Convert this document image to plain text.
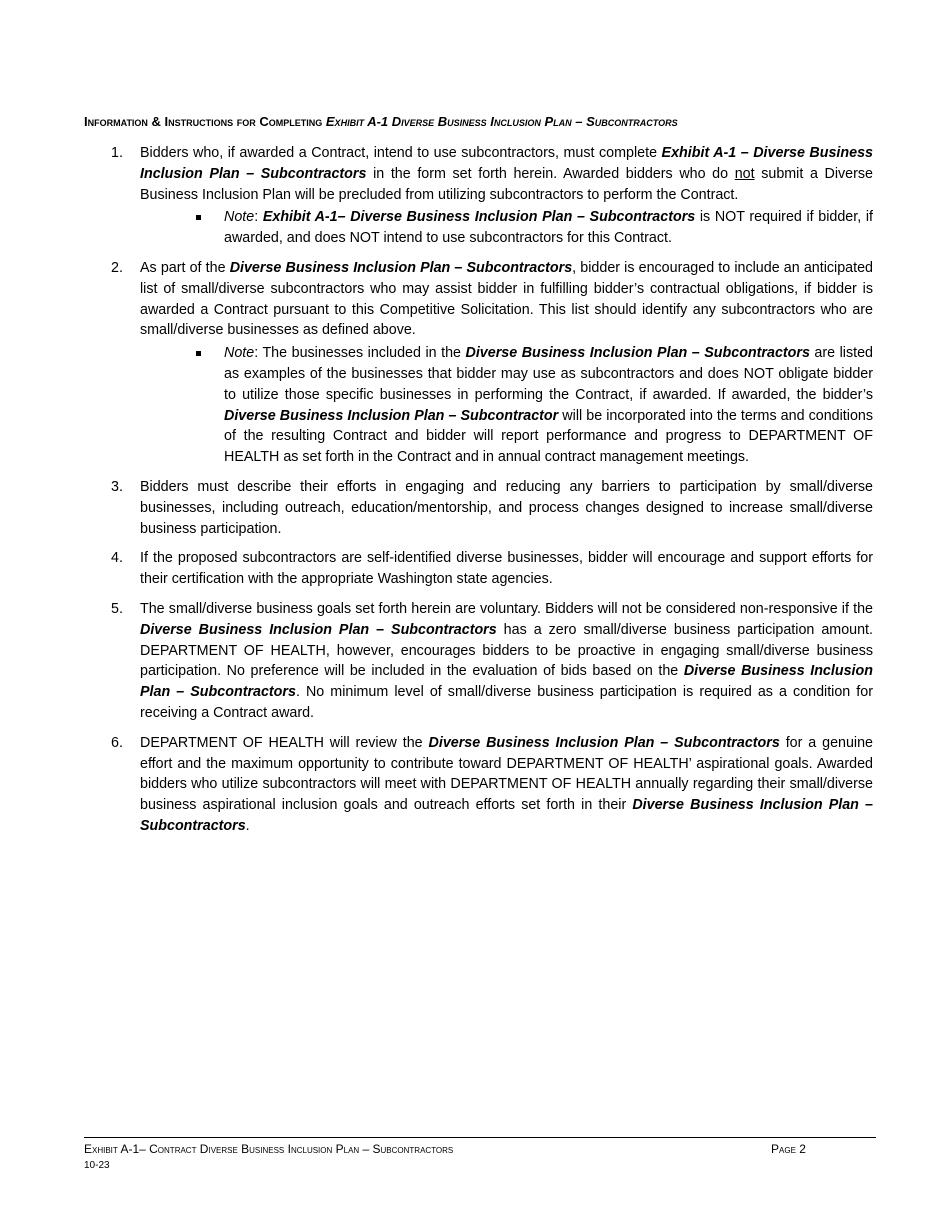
Information & Instructions for Completing Exhibit A-1 Diverse Business Inclusion Plan – Subcontractors
1. Bidders who, if awarded a Contract, intend to use subcontractors, must complete Exhibit A-1 – Diverse Business Inclusion Plan – Subcontractors in the form set forth herein. Awarded bidders who do not submit a Diverse Business Inclusion Plan will be precluded from utilizing subcontractors to perform the Contract.
Note: Exhibit A-1– Diverse Business Inclusion Plan – Subcontractors is NOT required if bidder, if awarded, and does NOT intend to use subcontractors for this Contract.
2. As part of the Diverse Business Inclusion Plan – Subcontractors, bidder is encouraged to include an anticipated list of small/diverse subcontractors who may assist bidder in fulfilling bidder’s contractual obligations, if bidder is awarded a Contract pursuant to this Competitive Solicitation. This list should identify any subcontractors who are small/diverse businesses as defined above.
Note: The businesses included in the Diverse Business Inclusion Plan – Subcontractors are listed as examples of the businesses that bidder may use as subcontractors and does NOT obligate bidder to utilize those specific businesses in performing the Contract, if awarded. If awarded, the bidder’s Diverse Business Inclusion Plan – Subcontractor will be incorporated into the terms and conditions of the resulting Contract and bidder will report performance and progress to DEPARTMENT OF HEALTH as set forth in the Contract and in annual contract management meetings.
3. Bidders must describe their efforts in engaging and reducing any barriers to participation by small/diverse businesses, including outreach, education/mentorship, and process changes designed to increase small/diverse business participation.
4. If the proposed subcontractors are self-identified diverse businesses, bidder will encourage and support efforts for their certification with the appropriate Washington state agencies.
5. The small/diverse business goals set forth herein are voluntary. Bidders will not be considered non-responsive if the Diverse Business Inclusion Plan – Subcontractors has a zero small/diverse business participation amount. DEPARTMENT OF HEALTH, however, encourages bidders to be proactive in engaging small/diverse business participation. No preference will be included in the evaluation of bids based on the Diverse Business Inclusion Plan – Subcontractors. No minimum level of small/diverse business participation is required as a condition for receiving a Contract award.
6. DEPARTMENT OF HEALTH will review the Diverse Business Inclusion Plan – Subcontractors for a genuine effort and the maximum opportunity to contribute toward DEPARTMENT OF HEALTH’ aspirational goals. Awarded bidders who utilize subcontractors will meet with DEPARTMENT OF HEALTH annually regarding their small/diverse business aspirational inclusion goals and outreach efforts set forth in their Diverse Business Inclusion Plan – Subcontractors.
Exhibit A-1– Contract Diverse Business Inclusion Plan – Subcontractors	Page 2
10-23
